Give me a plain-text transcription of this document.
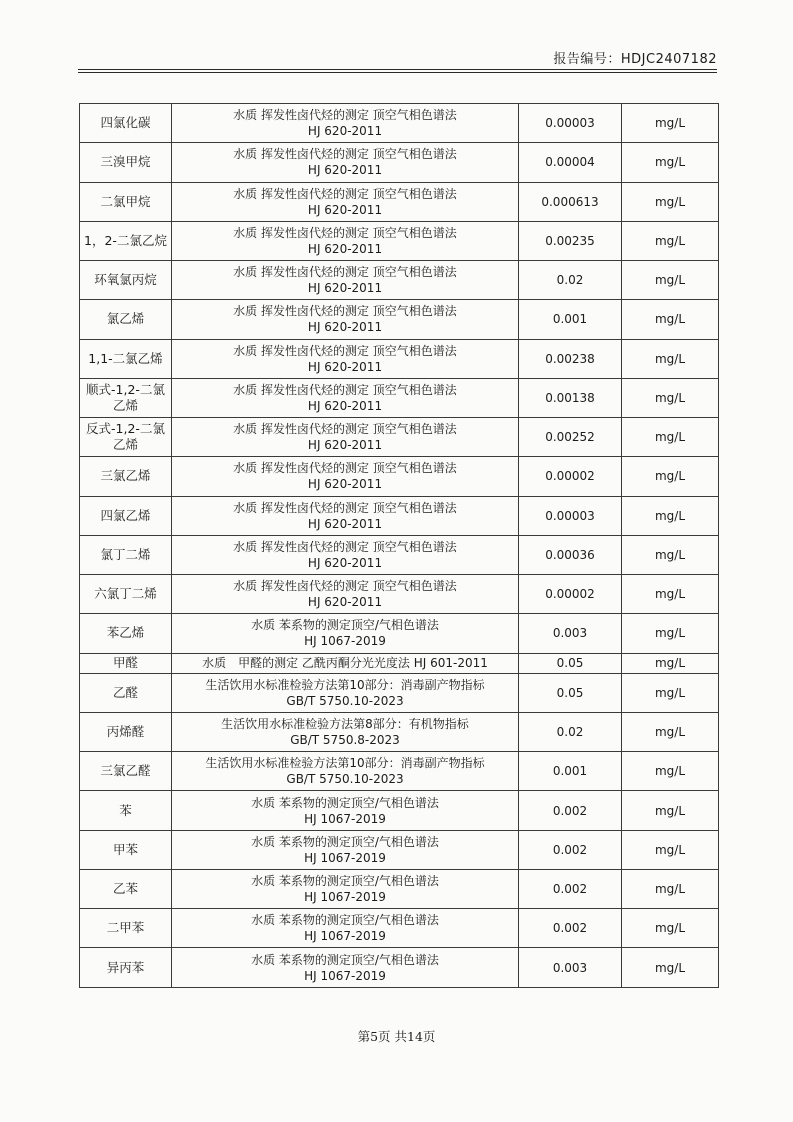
报告编号：HDJC2407182
四氯化碳	水质 挥发性卤代烃的测定 顶空气相色谱法
HJ 620-2011	0.00003	mg/L
三溴甲烷	水质 挥发性卤代烃的测定 顶空气相色谱法
HJ 620-2011	0.00004	mg/L
二氯甲烷	水质 挥发性卤代烃的测定 顶空气相色谱法
HJ 620-2011	0.000613	mg/L
1，2-二氯乙烷	水质 挥发性卤代烃的测定 顶空气相色谱法
HJ 620-2011	0.00235	mg/L
环氧氯丙烷	水质 挥发性卤代烃的测定 顶空气相色谱法
HJ 620-2011	0.02	mg/L
氯乙烯	水质 挥发性卤代烃的测定 顶空气相色谱法
HJ 620-2011	0.001	mg/L
1,1-二氯乙烯	水质 挥发性卤代烃的测定 顶空气相色谱法
HJ 620-2011	0.00238	mg/L
顺式-1,2-二氯乙烯	水质 挥发性卤代烃的测定 顶空气相色谱法
HJ 620-2011	0.00138	mg/L
反式-1,2-二氯乙烯	水质 挥发性卤代烃的测定 顶空气相色谱法
HJ 620-2011	0.00252	mg/L
三氯乙烯	水质 挥发性卤代烃的测定 顶空气相色谱法
HJ 620-2011	0.00002	mg/L
四氯乙烯	水质 挥发性卤代烃的测定 顶空气相色谱法
HJ 620-2011	0.00003	mg/L
氯丁二烯	水质 挥发性卤代烃的测定 顶空气相色谱法
HJ 620-2011	0.00036	mg/L
六氯丁二烯	水质 挥发性卤代烃的测定 顶空气相色谱法
HJ 620-2011	0.00002	mg/L
苯乙烯	水质 苯系物的测定顶空/气相色谱法
HJ 1067-2019	0.003	mg/L
甲醛	水质　甲醛的测定 乙酰丙酮分光光度法 HJ 601-2011	0.05	mg/L
乙醛	生活饮用水标准检验方法第10部分：消毒副产物指标
GB/T 5750.10-2023	0.05	mg/L
丙烯醛	生活饮用水标准检验方法第8部分：有机物指标
GB/T 5750.8-2023	0.02	mg/L
三氯乙醛	生活饮用水标准检验方法第10部分：消毒副产物指标
GB/T 5750.10-2023	0.001	mg/L
苯	水质 苯系物的测定顶空/气相色谱法
HJ 1067-2019	0.002	mg/L
甲苯	水质 苯系物的测定顶空/气相色谱法
HJ 1067-2019	0.002	mg/L
乙苯	水质 苯系物的测定顶空/气相色谱法
HJ 1067-2019	0.002	mg/L
二甲苯	水质 苯系物的测定顶空/气相色谱法
HJ 1067-2019	0.002	mg/L
异丙苯	水质 苯系物的测定顶空/气相色谱法
HJ 1067-2019	0.003	mg/L
第5页 共14页
